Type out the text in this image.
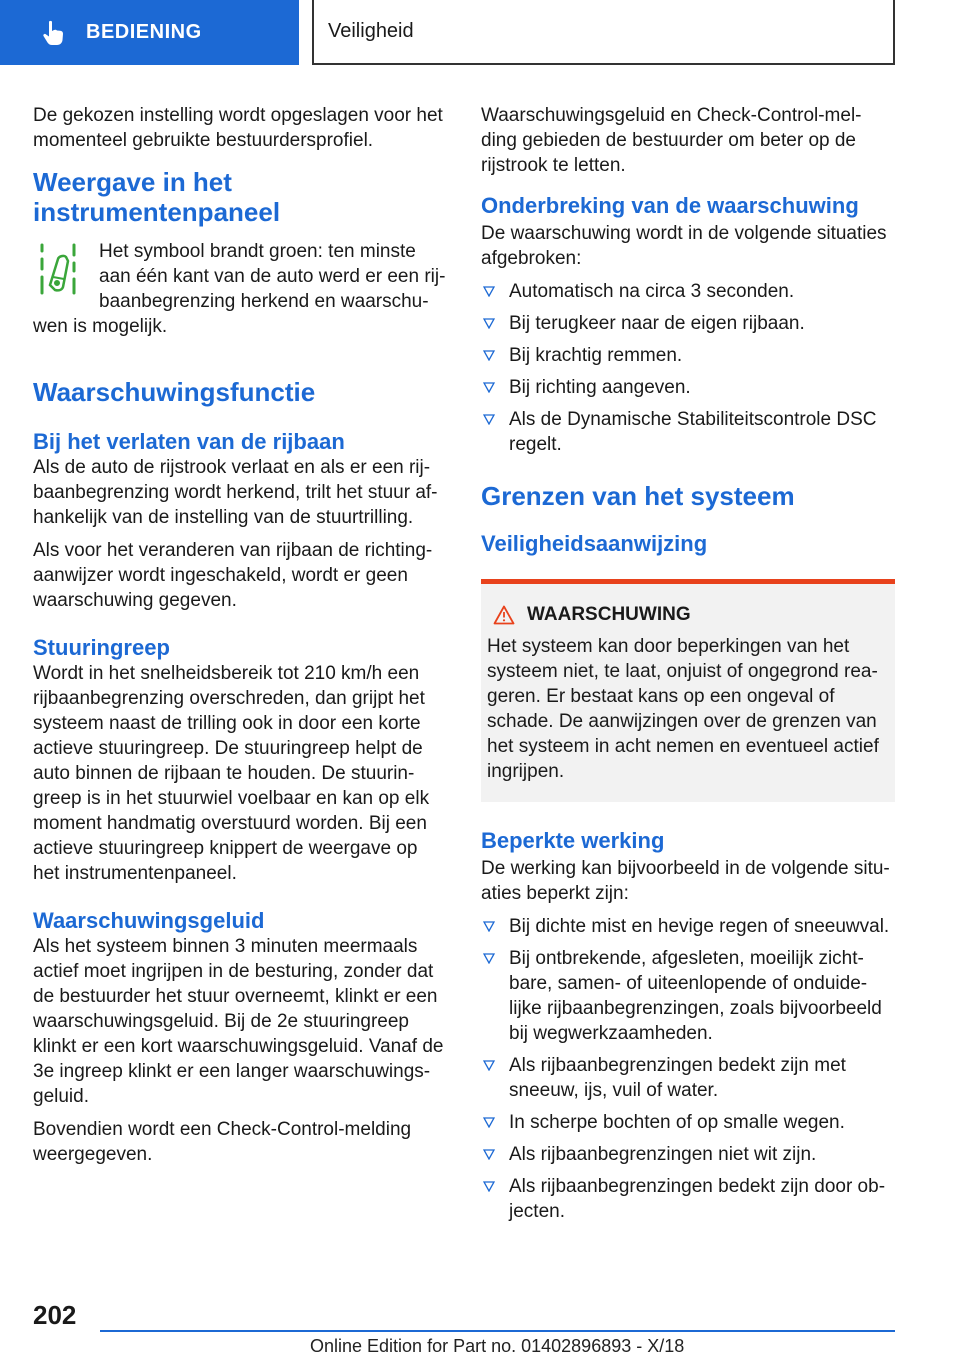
BEDIENING	Veiligheid

De gekozen instelling wordt opgeslagen voor het momenteel gebruikte bestuurdersprofiel.

Weergave in het instrumentenpaneel

Het symbool brandt groen: ten minste aan één kant van de auto werd er een rij-baanbegrenzing herkend en waarschu-

wen is mogelijk.

Waarschuwingsfunctie
Bij het verlaten van de rijbaan

Als de auto de rijstrook verlaat en als er een rij-baanbegrenzing wordt herkend, trilt het stuur af-hankelijk van de instelling van de stuurtrilling.

Als voor het veranderen van rijbaan de richting-aanwijzer wordt ingeschakeld, wordt er geen waarschuwing gegeven.

Stuuringreep

Wordt in het snelheidsbereik tot 210 km/h een rijbaanbegrenzing overschreden, dan grijpt het systeem naast de trilling ook in door een korte actieve stuuringreep. De stuuringreep helpt de auto binnen de rijbaan te houden. De stuurin-greep is in het stuurwiel voelbaar en kan op elk moment handmatig overstuurd worden. Bij een actieve stuuringreep knippert de weergave op het instrumentenpaneel.

Waarschuwingsgeluid

Als het systeem binnen 3 minuten meermaals actief moet ingrijpen in de besturing, zonder dat de bestuurder het stuur overneemt, klinkt er een waarschuwingsgeluid. Bij de 2e stuuringreep klinkt er een kort waarschuwingsgeluid. Vanaf de 3e ingreep klinkt er een langer waarschuwings-geluid.

Bovendien wordt een Check-Control-melding weergegeven.

Waarschuwingsgeluid en Check-Control-mel-ding gebieden de bestuurder om beter op de rijstrook te letten.

Onderbreking van de waarschuwing

De waarschuwing wordt in de volgende situaties afgebroken:

Automatisch na circa 3 seconden.
Bij terugkeer naar de eigen rijbaan.
Bij krachtig remmen.
Bij richting aangeven.
Als de Dynamische Stabiliteitscontrole DSC regelt.
Grenzen van het systeem
Veiligheidsaanwijzing
WAARSCHUWING

Het systeem kan door beperkingen van het systeem niet, te laat, onjuist of ongegrond rea-geren. Er bestaat kans op een ongeval of schade. De aanwijzingen over de grenzen van het systeem in acht nemen en eventueel actief ingrijpen.

Beperkte werking

De werking kan bijvoorbeeld in de volgende situ-aties beperkt zijn:

Bij dichte mist en hevige regen of sneeuwval.
Bij ontbrekende, afgesleten, moeilijk zicht-bare, samen- of uiteenlopende of onduide-lijke rijbaanbegrenzingen, zoals bijvoorbeeld bij wegwerkzaamheden.
Als rijbaanbegrenzingen bedekt zijn met sneeuw, ijs, vuil of water.
In scherpe bochten of op smalle wegen.
Als rijbaanbegrenzingen niet wit zijn.
Als rijbaanbegrenzingen bedekt zijn door ob-jecten.
202
Online Edition for Part no. 01402896893 - X/18
